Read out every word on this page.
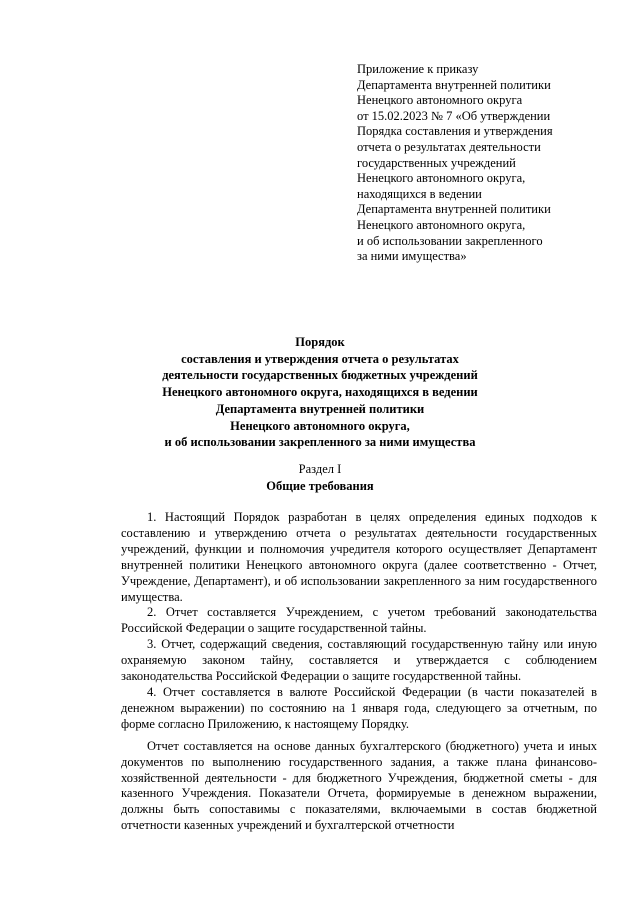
Приложение к приказу
Департамента внутренней политики
Ненецкого автономного округа
от 15.02.2023 № 7 «Об утверждении
Порядка составления и утверждения
отчета о результатах деятельности
государственных учреждений
Ненецкого автономного округа,
находящихся в ведении
Департамента внутренней политики
Ненецкого автономного округа,
и об использовании закрепленного
за ними имущества»
Порядок
составления и утверждения отчета о результатах
деятельности государственных бюджетных учреждений
Ненецкого автономного округа, находящихся в ведении
Департамента внутренней политики
Ненецкого автономного округа,
и об использовании закрепленного за ними имущества
Раздел I
Общие требования

1. Настоящий Порядок разработан в целях определения единых подходов к составлению и утверждению отчета о результатах деятельности государственных учреждений, функции и полномочия учредителя которого осуществляет Департамент внутренней политики Ненецкого автономного округа (далее соответственно - Отчет, Учреждение, Департамент), и об использовании закрепленного за ним государственного имущества.

2. Отчет составляется Учреждением, с учетом требований законодательства Российской Федерации о защите государственной тайны.

3. Отчет, содержащий сведения, составляющий государственную тайну или иную охраняемую законом тайну, составляется и утверждается с соблюдением законодательства Российской Федерации о защите государственной тайны.

4. Отчет составляется в валюте Российской Федерации (в части показателей в денежном выражении) по состоянию на 1 января года, следующего за отчетным, по форме согласно Приложению, к настоящему Порядку.

Отчет составляется на основе данных бухгалтерского (бюджетного) учета и иных документов по выполнению государственного задания, а также плана финансово-хозяйственной деятельности - для бюджетного Учреждения, бюджетной сметы - для казенного Учреждения. Показатели Отчета, формируемые в денежном выражении, должны быть сопоставимы с показателями, включаемыми в состав бюджетной отчетности казенных учреждений и бухгалтерской отчетности
